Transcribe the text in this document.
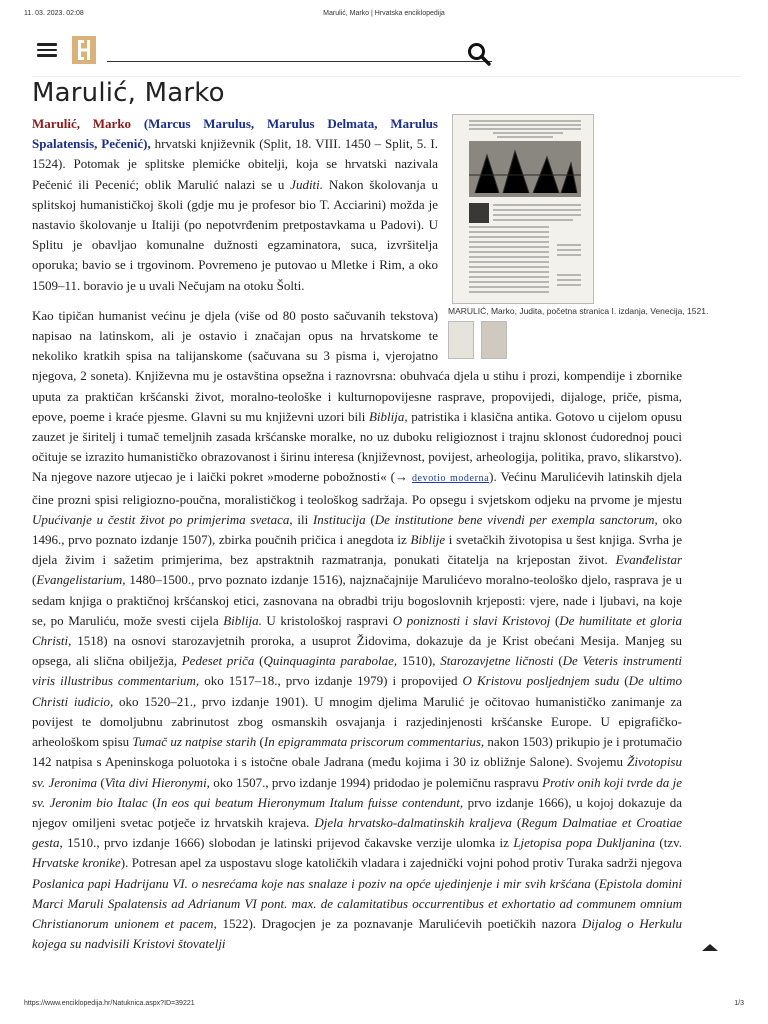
11. 03. 2023. 02:08	Marulić, Marko | Hrvatska enciklopedija
Marulić, Marko
MARULIĆ, Marko, Judita, početna stranica I. izdanja, Venecija, 1521.

Marulić, Marko (Marcus Marulus, Marulus Delmata, Marulus Spalatensis, Pečenić), hrvatski književnik (Split, 18. VIII. 1450 – Split, 5. I. 1524). Potomak je splitske plemićke obitelji, koja se hrvatski nazivala Pečenić ili Pecenić; oblik Marulić nalazi se u Juditi. Nakon školovanja u splitskoj humanističkoj školi (gdje mu je profesor bio T. Acciarini) možda je nastavio školovanje u Italiji (po nepotvrđenim pretpostavkama u Padovi). U Splitu je obavljao komunalne dužnosti egzaminatora, suca, izvršitelja oporuka; bavio se i trgovinom. Povremeno je putovao u Mletke i Rim, a oko 1509–11. boravio je u uvali Nečujam na otoku Šolti.

Kao tipičan humanist većinu je djela (više od 80 posto sačuvanih tekstova) napisao na latinskom, ali je ostavio i značajan opus na hrvatskome te nekoliko kratkih spisa na talijanskome (sačuvana su 3 pisma i, vjerojatno njegova, 2 soneta). Književna mu je ostavština opsežna i raznovrsna: obuhvaća djela u stihu i prozi, kompendije i zbornike uputa za praktičan kršćanski život, moralno-teološke i kulturnopovijesne rasprave, propovijedi, dijaloge, priče, pisma, epove, poeme i kraće pjesme. Glavni su mu književni uzori bili Biblija, patristika i klasična antika. Gotovo u cijelom opusu zauzet je širitelj i tumač temeljnih zasada kršćanske moralke, no uz duboku religioznost i trajnu sklonost ćudorednoj pouci očituje se izrazito humanističko obrazovanost i širinu interesa (književnost, povijest, arheologija, politika, pravo, slikarstvo). Na njegove nazore utjecao je i laički pokret »moderne pobožnosti« (→ devotio moderna). Većinu Marulićevih latinskih djela čine prozni spisi religiozno-poučna, moralističkog i teološkog sadržaja. Po opsegu i svjetskom odjeku na prvome je mjestu Upućivanje u čestit život po primjerima svetaca, ili Institucija (De institutione bene vivendi per exempla sanctorum, oko 1496., prvo poznato izdanje 1507), zbirka poučnih pričica i anegdota iz Biblije i svetačkih životopisa u šest knjiga. Svrha je djela živim i sažetim primjerima, bez apstraktnih razmatranja, ponukati čitatelja na krjepostan život. Evanđelistar (Evangelistarium, 1480–1500., prvo poznato izdanje 1516), najznačajnije Marulićevo moralno-teološko djelo, rasprava je u sedam knjiga o praktičnoj kršćanskoj etici, zasnovana na obradbi triju bogoslovnih krjeposti: vjere, nade i ljubavi, na koje se, po Maruliću, može svesti cijela Biblija. U kristološkoj raspravi O poniznosti i slavi Kristovoj (De humilitate et gloria Christi, 1518) na osnovi starozavjetnih proroka, a usuprot Židovima, dokazuje da je Krist obećani Mesija. Manjeg su opsega, ali slična obilježja, Pedeset priča (Quinquaginta parabolae, 1510), Starozavjetne ličnosti (De Veteris instrumenti viris illustribus commentarium, oko 1517–18., prvo izdanje 1979) i propovijed O Kristovu posljednjem sudu (De ultimo Christi iudicio, oko 1520–21., prvo izdanje 1901). U mnogim djelima Marulić je očitovao humanističko zanimanje za povijest te domoljubnu zabrinutost zbog osmanskih osvajanja i razjedinjenosti kršćanske Europe. U epigrafičko-arheološkom spisu Tumač uz natpise starih (In epigrammata priscorum commentarius, nakon 1503) prikupio je i protumačio 142 natpisa s Apeninskoga poluotoka i s istočne obale Jadrana (među kojima i 30 iz obližnje Salone). Svojemu Životopisu sv. Jeronima (Vita divi Hieronymi, oko 1507., prvo izdanje 1994) pridodao je polemičnu raspravu Protiv onih koji tvrde da je sv. Jeronim bio Italac (In eos qui beatum Hieronymum Italum fuisse contendunt, prvo izdanje 1666), u kojoj dokazuje da njegov omiljeni svetac potječe iz hrvatskih krajeva. Djela hrvatsko-dalmatinskih kraljeva (Regum Dalmatiae et Croatiae gesta, 1510., prvo izdanje 1666) slobodan je latinski prijevod čakavske verzije ulomka iz Ljetopisa popa Dukljanina (tzv. Hrvatske kronike). Potresan apel za uspostavu sloge katoličkih vladara i zajednički vojni pohod protiv Turaka sadrži njegova Poslanica papi Hadrijanu VI. o nesrećama koje nas snalaze i poziv na opće ujedinjenje i mir svih kršćana (Epistola domini Marci Maruli Spalatensis ad Adrianum VI pont. max. de calamitatibus occurrentibus et exhortatio ad communem omnium Christianorum unionem et pacem, 1522). Dragocjen je za poznavanje Marulićevih poetičkih nazora Dijalog o Herkulu kojega su nadvisili Kristovi štovatelji

https://www.enciklopedija.hr/Natuknica.aspx?ID=39221	1/3
